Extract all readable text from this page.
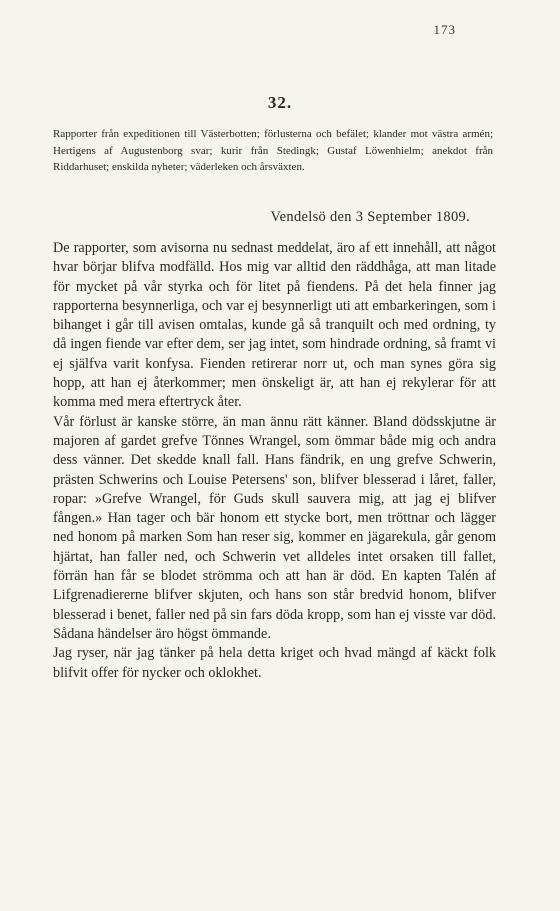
173
32.

Rapporter från expeditionen till Västerbotten; förlusterna och befälet; klander mot västra armén; Hertigens af Augustenborg svar; kurir från Stedingk; Gustaf Löwenhielm; anekdot från Riddarhuset; enskilda nyheter; väderleken och årsväxten.

Vendelsö den 3 September 1809.

De rapporter, som avisorna nu sednast meddelat, äro af ett innehåll, att något hvar börjar blifva modfälld. Hos mig var alltid den räddhåga, att man litade för mycket på vår styrka och för litet på fiendens. På det hela finner jag rapporterna besynnerliga, och var ej besynnerligt uti att embarkeringen, som i bihanget i går till avisen omtalas, kunde gå så tranquilt och med ordning, ty då ingen fiende var efter dem, ser jag intet, som hindrade ordning, så framt vi ej själfva varit konfysa. Fienden retirerar norr ut, och man synes göra sig hopp, att han ej återkommer; men önskeligt är, att han ej rekylerar för att komma med mera eftertryck åter.

Vår förlust är kanske större, än man ännu rätt känner. Bland dödsskjutne är majoren af gardet grefve Tönnes Wrangel, som ömmar både mig och andra dess vänner. Det skedde knall fall. Hans fändrik, en ung grefve Schwerin, prästen Schwerins och Louise Petersens' son, blifver blesserad i låret, faller, ropar: »Grefve Wrangel, för Guds skull sauvera mig, att jag ej blifver fången.» Han tager och bär honom ett stycke bort, men tröttnar och lägger ned honom på marken Som han reser sig, kommer en jägarekula, går genom hjärtat, han faller ned, och Schwerin vet alldeles intet orsaken till fallet, förrän han får se blodet strömma och att han är död. En kapten Talén af Lifgrenadiererne blifver skjuten, och hans son står bredvid honom, blifver blesserad i benet, faller ned på sin fars döda kropp, som han ej visste var död. Sådana händelser äro högst ömmande.

Jag ryser, när jag tänker på hela detta kriget och hvad mängd af käckt folk blifvit offer för nycker och oklokhet.
